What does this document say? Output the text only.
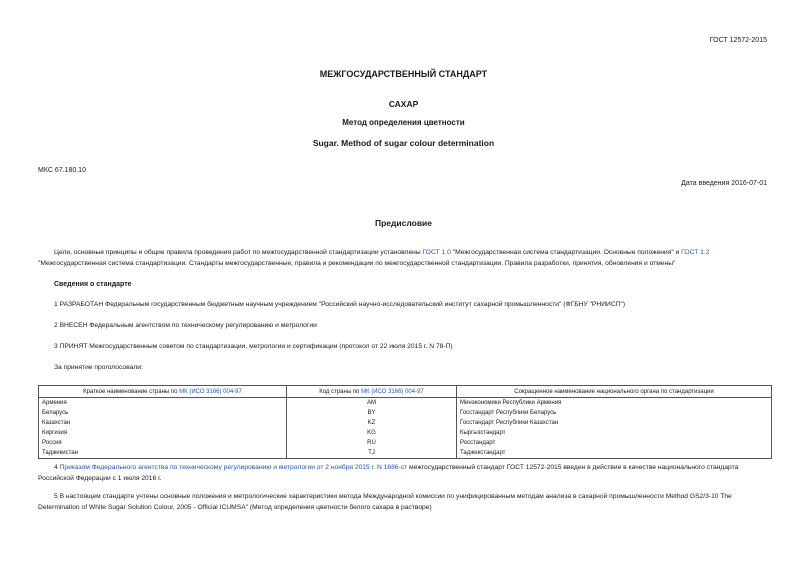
ГОСТ 12572-2015
МЕЖГОСУДАРСТВЕННЫЙ СТАНДАРТ
САХАР
Метод определения цветности
Sugar. Method of sugar colour determination
МКС 67.180.10
Дата введения 2016-07-01
Предисловие
Цели, основные принципы и общие правила проведения работ по межгосударственной стандартизации установлены ГОСТ 1.0 "Межгосударственная система стандартизации. Основные положения" и ГОСТ 1.2 "Межгосударственная система стандартизации. Стандарты межгосударственные, правила и рекомендации по межгосударственной стандартизации. Правила разработки, принятия, обновления и отмены"
Сведения о стандарте
1 РАЗРАБОТАН Федеральным государственным бюджетным научным учреждением "Российский научно-исследовательский институт сахарной промышленности" (ФГБНУ "РНИИСП")
2 ВНЕСЕН Федеральным агентством по техническому регулированию и метрологии
3 ПРИНЯТ Межгосударственным советом по стандартизации, метрологии и сертификации (протокол от 22 июля 2015 г. N 78-П)
За принятие проголосовали:
Краткое наименование страны по МК (ИСО 3166) 004-97	Код страны по МК (ИСО 3166) 004-97	Сокращенное наименование национального органа по стандартизации
Армения	AM	Минэкономики Республики Армения
Беларусь	BY	Госстандарт Республики Беларусь
Казахстан	KZ	Госстандарт Республики Казахстан
Киргизия	KG	Кыргызстандарт
Россия	RU	Росстандарт
Таджикистан	TJ	Таджикстандарт
4 Приказом Федерального агентства по техническому регулированию и метрологии от 2 ноября 2015 г. N 1686-ст межгосударственный стандарт ГОСТ 12572-2015 введен в действие в качестве национального стандарта Российской Федерации с 1 июля 2016 г.
5 В настоящем стандарте учтены основные положения и метрологические характеристики метода Международной комиссии по унифицированным методам анализа в сахарной промышленности Method GS2/3-10 The Determination of White Sugar Solution Colour, 2005 - Official ICUMSA" (Метод определения цветности белого сахара в растворе)
